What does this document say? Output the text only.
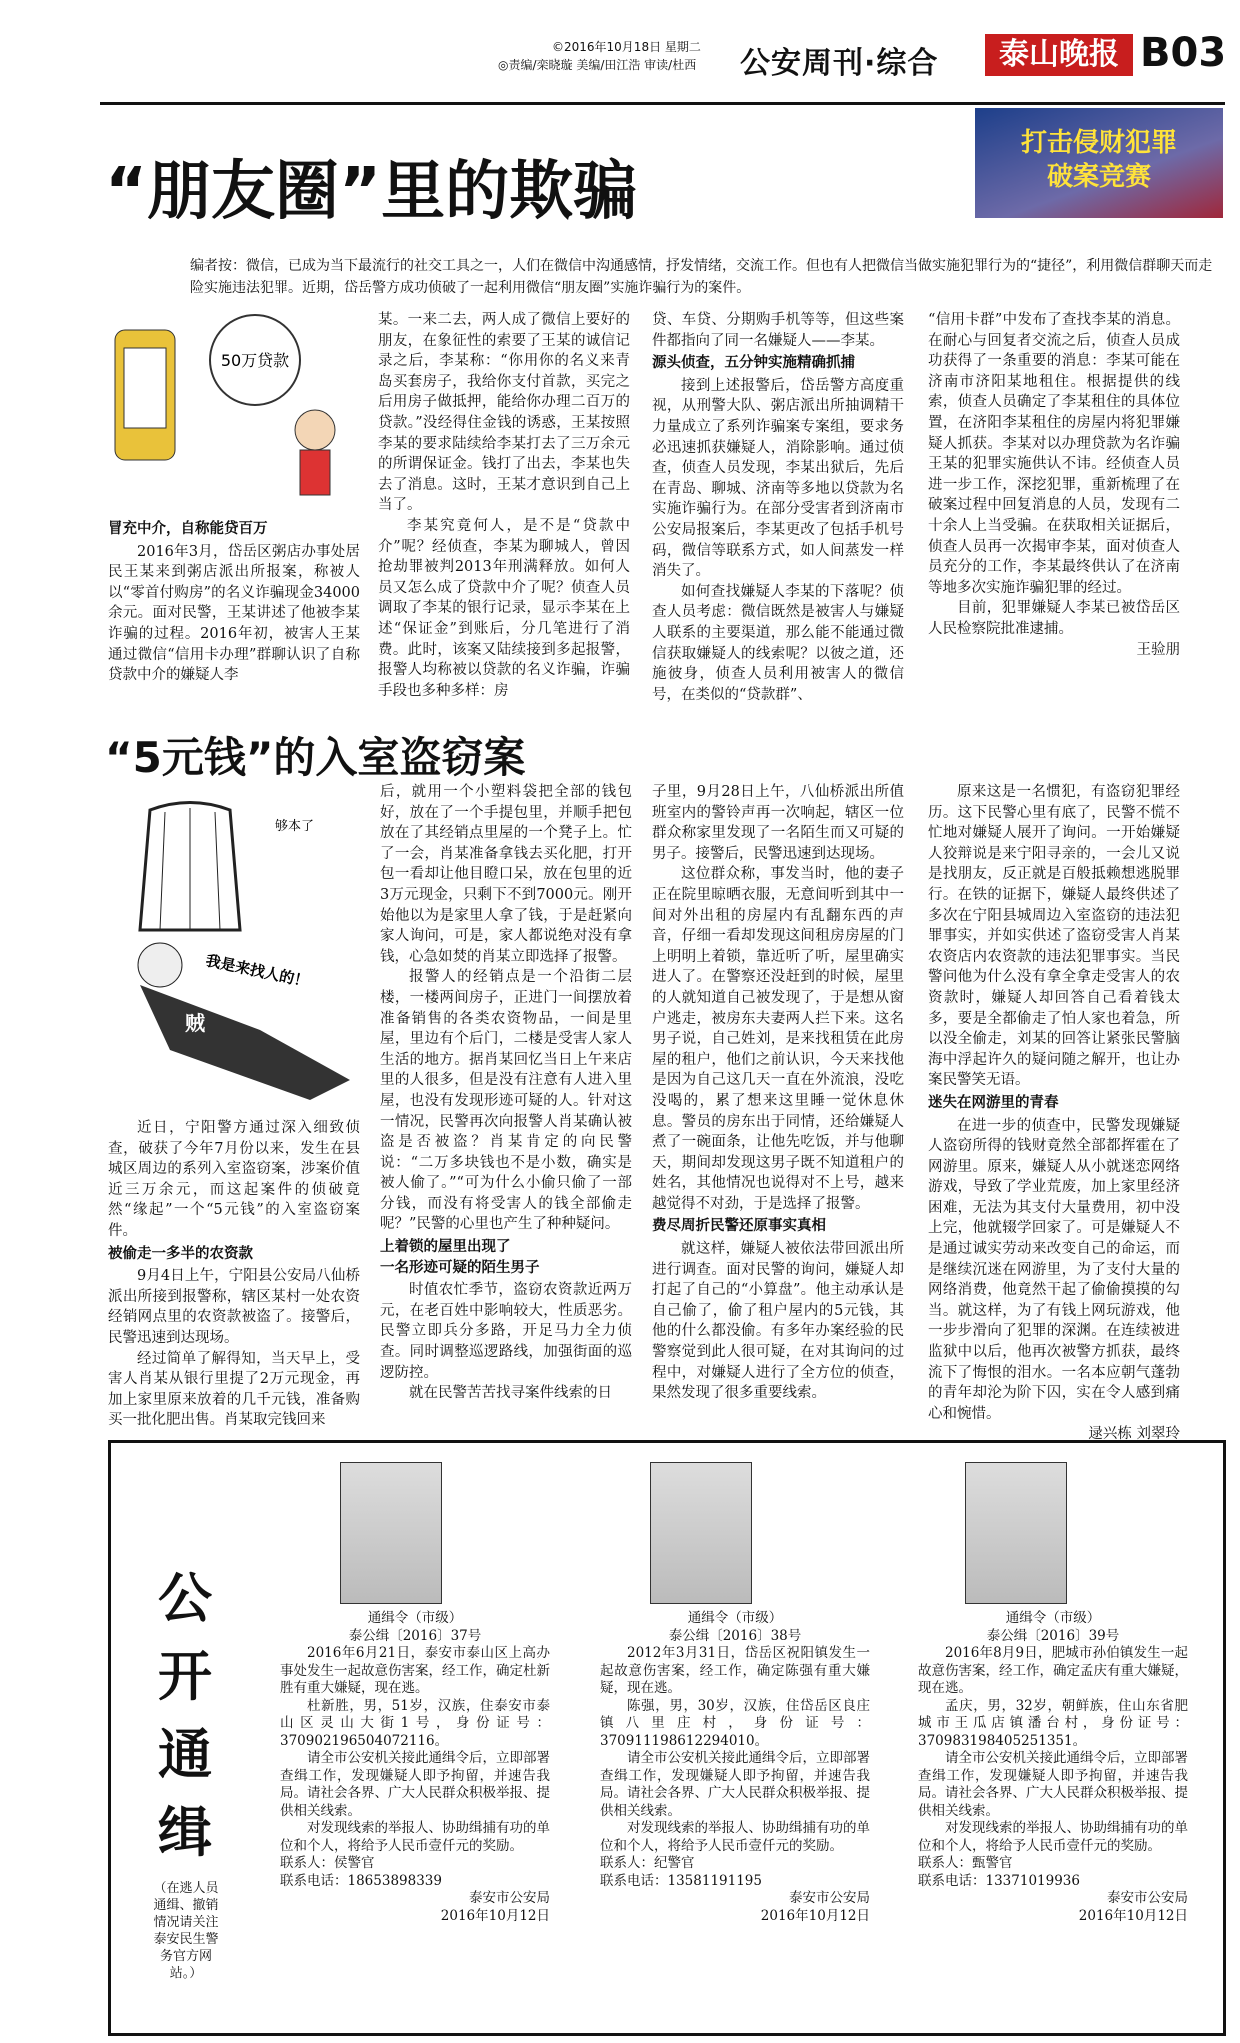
©2016年10月18日 星期二
◎责编/栾晓璇 美编/田江浩 审读/杜西 公安周刊·综合	泰山晚报 B03
“朋友圈”里的欺骗
打击侵财犯罪
破案竞赛
编者按：微信，已成为当下最流行的社交工具之一，人们在微信中沟通感情，抒发情绪，交流工作。但也有人把微信当做实施犯罪行为的“捷径”，利用微信群聊天而走险实施违法犯罪。近期，岱岳警方成功侦破了一起利用微信“朋友圈”实施诈骗行为的案件。
50万贷款
冒充中介，自称能贷百万

2016年3月，岱岳区粥店办事处居民王某来到粥店派出所报案，称被人以“零首付购房”的名义诈骗现金34000余元。面对民警，王某讲述了他被李某诈骗的过程。2016年初，被害人王某通过微信“信用卡办理”群聊认识了自称贷款中介的嫌疑人李

某。一来二去，两人成了微信上要好的朋友，在象征性的索要了王某的诚信记录之后，李某称：“你用你的名义来青岛买套房子，我给你支付首款，买完之后用房子做抵押，能给你办理二百万的贷款。”没经得住金钱的诱惑，王某按照李某的要求陆续给李某打去了三万余元的所谓保证金。钱打了出去，李某也失去了消息。这时，王某才意识到自己上当了。

李某究竟何人，是不是“贷款中介”呢？经侦查，李某为聊城人，曾因抢劫罪被判2013年刑满释放。如何人员又怎么成了贷款中介了呢？侦查人员调取了李某的银行记录，显示李某在上述“保证金”到账后，分几笔进行了消费。此时，该案又陆续接到多起报警，报警人均称被以贷款的名义诈骗，诈骗手段也多种多样：房

贷、车贷、分期购手机等等，但这些案件都指向了同一名嫌疑人——李某。

源头侦查，五分钟实施精确抓捕

接到上述报警后，岱岳警方高度重视，从刑警大队、粥店派出所抽调精干力量成立了系列诈骗案专案组，要求务必迅速抓获嫌疑人，消除影响。通过侦查，侦查人员发现，李某出狱后，先后在青岛、聊城、济南等多地以贷款为名实施诈骗行为。在部分受害者到济南市公安局报案后，李某更改了包括手机号码，微信等联系方式，如人间蒸发一样消失了。

如何查找嫌疑人李某的下落呢？侦查人员考虑：微信既然是被害人与嫌疑人联系的主要渠道，那么能不能通过微信获取嫌疑人的线索呢？以彼之道，还施彼身，侦查人员利用被害人的微信号，在类似的“贷款群”、

“信用卡群”中发布了查找李某的消息。在耐心与回复者交流之后，侦查人员成功获得了一条重要的消息：李某可能在济南市济阳某地租住。根据提供的线索，侦查人员确定了李某租住的具体位置，在济阳李某租住的房屋内将犯罪嫌疑人抓获。李某对以办理贷款为名诈骗王某的犯罪实施供认不讳。经侦查人员进一步工作，深挖犯罪，重新梳理了在破案过程中回复消息的人员，发现有二十余人上当受骗。在获取相关证据后，侦查人员再一次揭审李某，面对侦查人员充分的工作，李某最终供认了在济南等地多次实施诈骗犯罪的经过。

目前，犯罪嫌疑人李某已被岱岳区人民检察院批准逮捕。

王验朋
“5元钱”的入室盗窃案
够本了
贼
我是来找人的！

近日，宁阳警方通过深入细致侦查，破获了今年7月份以来，发生在县城区周边的系列入室盗窃案，涉案价值近三万余元，而这起案件的侦破竟然“缘起”一个“5元钱”的入室盗窃案件。

被偷走一多半的农资款

9月4日上午，宁阳县公安局八仙桥派出所接到报警称，辖区某村一处农资经销网点里的农资款被盗了。接警后，民警迅速到达现场。

经过简单了解得知，当天早上，受害人肖某从银行里提了2万元现金，再加上家里原来放着的几千元钱，准备购买一批化肥出售。肖某取完钱回来

后，就用一个小塑料袋把全部的钱包好，放在了一个手提包里，并顺手把包放在了其经销点里屋的一个凳子上。忙了一会，肖某准备拿钱去买化肥，打开包一看却让他目瞪口呆，放在包里的近3万元现金，只剩下不到7000元。刚开始他以为是家里人拿了钱，于是赶紧向家人询问，可是，家人都说绝对没有拿钱，心急如焚的肖某立即选择了报警。

报警人的经销点是一个沿街二层楼，一楼两间房子，正进门一间摆放着准备销售的各类农资物品，一间是里屋，里边有个后门，二楼是受害人家人生活的地方。据肖某回忆当日上午来店里的人很多，但是没有注意有人进入里屋，也没有发现形迹可疑的人。针对这一情况，民警再次向报警人肖某确认被盗是否被盗？肖某肯定的向民警说：“二万多块钱也不是小数，确实是被人偷了。”“可为什么小偷只偷了一部分钱，而没有将受害人的钱全部偷走呢？”民警的心里也产生了种种疑问。

上着锁的屋里出现了
一名形迹可疑的陌生男子

时值农忙季节，盗窃农资款近两万元，在老百姓中影响较大，性质恶劣。民警立即兵分多路，开足马力全力侦查。同时调整巡逻路线，加强街面的巡逻防控。

就在民警苦苦找寻案件线索的日

子里，9月28日上午，八仙桥派出所值班室内的警铃声再一次响起，辖区一位群众称家里发现了一名陌生而又可疑的男子。接警后，民警迅速到达现场。

这位群众称，事发当时，他的妻子正在院里晾晒衣服，无意间听到其中一间对外出租的房屋内有乱翻东西的声音，仔细一看却发现这间租房房屋的门上明明上着锁，靠近听了听，屋里确实进人了。在警察还没赶到的时候，屋里的人就知道自己被发现了，于是想从窗户逃走，被房东夫妻两人拦下来。这名男子说，自己姓刘，是来找租赁在此房屋的租户，他们之前认识，今天来找他是因为自己这几天一直在外流浪，没吃没喝的，累了想来这里睡一觉休息休息。警员的房东出于同情，还给嫌疑人煮了一碗面条，让他先吃饭，并与他聊天，期间却发现这男子既不知道租户的姓名，其他情况也说得对不上号，越来越觉得不对劲，于是选择了报警。

费尽周折民警还原事实真相

就这样，嫌疑人被依法带回派出所进行调查。面对民警的询问，嫌疑人却打起了自己的“小算盘”。他主动承认是自己偷了，偷了租户屋内的5元钱，其他的什么都没偷。有多年办案经验的民警察觉到此人很可疑，在对其询问的过程中，对嫌疑人进行了全方位的侦查，果然发现了很多重要线索。

原来这是一名惯犯，有盗窃犯罪经历。这下民警心里有底了，民警不慌不忙地对嫌疑人展开了询问。一开始嫌疑人狡辩说是来宁阳寻亲的，一会儿又说是找朋友，反正就是百般抵赖想逃脱罪行。在铁的证据下，嫌疑人最终供述了多次在宁阳县城周边入室盗窃的违法犯罪事实，并如实供述了盗窃受害人肖某农资店内农资款的违法犯罪事实。当民警问他为什么没有拿全拿走受害人的农资款时，嫌疑人却回答自己看着钱太多，要是全都偷走了怕人家也着急，所以没全偷走，刘某的回答让紧张民警脑海中浮起许久的疑问随之解开，也让办案民警笑无语。

迷失在网游里的青春

在进一步的侦查中，民警发现嫌疑人盗窃所得的钱财竟然全部都挥霍在了网游里。原来，嫌疑人从小就迷恋网络游戏，导致了学业荒废，加上家里经济困难，无法为其支付大量费用，初中没上完，他就辍学回家了。可是嫌疑人不是通过诚实劳动来改变自己的命运，而是继续沉迷在网游里，为了支付大量的网络消费，他竟然干起了偷偷摸摸的勾当。就这样，为了有钱上网玩游戏，他一步步滑向了犯罪的深渊。在连续被进监狱中以后，他再次被警方抓获，最终流下了悔恨的泪水。一名本应朝气蓬勃的青年却沦为阶下囚，实在令人感到痛心和惋惜。

逯兴栋 刘翠玲
公
开
通
缉
（在逃人员通缉、撤销情况请关注泰安民生警务官方网站。）
通缉令（市级）
泰公缉〔2016〕37号

2016年6月21日，泰安市泰山区上高办事处发生一起故意伤害案，经工作，确定杜新胜有重大嫌疑，现在逃。

杜新胜，男，51岁，汉族，住泰安市泰山区灵山大街1号，身份证号：370902196504072116。

请全市公安机关接此通缉令后，立即部署查缉工作，发现嫌疑人即予拘留，并速告我局。请社会各界、广大人民群众积极举报、提供相关线索。

对发现线索的举报人、协助缉捕有功的单位和个人，将给予人民币壹仟元的奖励。

联系人：侯警官
联系电话：18653898339
泰安市公安局
2016年10月12日
通缉令（市级）
泰公缉〔2016〕38号

2012年3月31日，岱岳区祝阳镇发生一起故意伤害案，经工作，确定陈强有重大嫌疑，现在逃。

陈强，男，30岁，汉族，住岱岳区良庄镇八里庄村，身份证号：370911198612294010。

请全市公安机关接此通缉令后，立即部署查缉工作，发现嫌疑人即予拘留，并速告我局。请社会各界、广大人民群众积极举报、提供相关线索。

对发现线索的举报人、协助缉捕有功的单位和个人，将给予人民币壹仟元的奖励。

联系人：纪警官
联系电话：13581191195
泰安市公安局
2016年10月12日
通缉令（市级）
泰公缉〔2016〕39号

2016年8月9日，肥城市孙伯镇发生一起故意伤害案，经工作，确定孟庆有重大嫌疑，现在逃。

孟庆，男，32岁，朝鲜族，住山东省肥城市王瓜店镇潘台村，身份证号：370983198405251351。

请全市公安机关接此通缉令后，立即部署查缉工作，发现嫌疑人即予拘留，并速告我局。请社会各界、广大人民群众积极举报、提供相关线索。

对发现线索的举报人、协助缉捕有功的单位和个人，将给予人民币壹仟元的奖励。

联系人：甄警官
联系电话：13371019936
泰安市公安局
2016年10月12日
